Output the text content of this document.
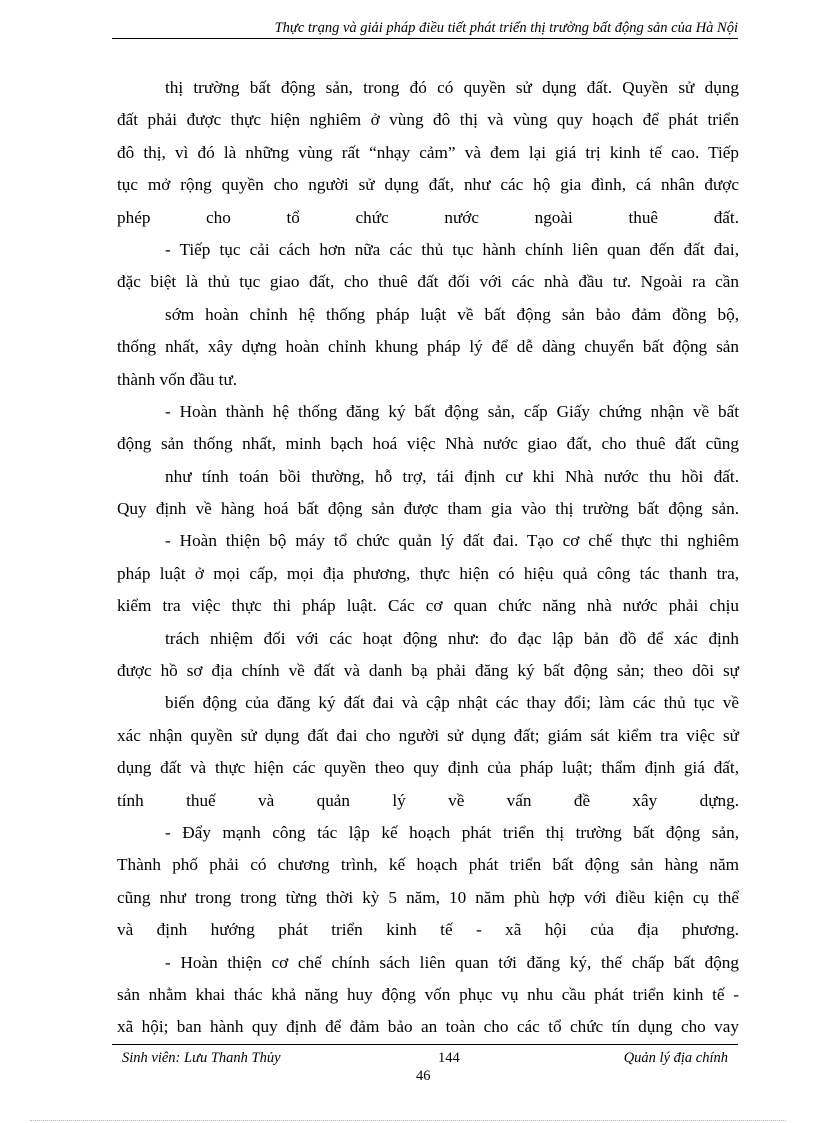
Thực trạng và giải pháp điều tiết phát triển thị trường bất động sản của Hà Nội
thị trường bất động sản, trong đó có quyền sử dụng đất. Quyền sử dụng
đất phải được thực hiện nghiêm ở vùng đô thị và vùng quy hoạch để phát triển
đô thị, vì đó là những vùng rất “nhạy cảm” và đem lại giá trị kinh tế cao. Tiếp
tục mở rộng quyền cho người sử dụng đất, như các hộ gia đình, cá nhân được
phép cho tổ chức nước ngoài thuê đất.
- Tiếp tục cải cách hơn nữa các thủ tục hành chính liên quan đến đất đai,
đặc biệt là thủ tục giao đất, cho thuê đất đối với các nhà đầu tư. Ngoài ra cần
sớm hoàn chỉnh hệ thống pháp luật về bất động sản bảo đảm đồng bộ,
thống nhất, xây dựng hoàn chỉnh khung pháp lý để dễ dàng chuyển bất động sản
thành vốn đầu tư.
- Hoàn thành hệ thống đăng ký bất động sản, cấp Giấy chứng nhận về bất
động sản thống nhất, minh bạch hoá việc Nhà nước giao đất, cho thuê đất cũng
như tính toán bồi thường, hỗ trợ, tái định cư khi Nhà nước thu hồi đất.
Quy định về hàng hoá bất động sản được tham gia vào thị trường bất động sản.
- Hoàn thiện bộ máy tổ chức quản lý đất đai. Tạo cơ chế thực thi nghiêm
pháp luật ở mọi cấp, mọi địa phương, thực hiện có hiệu quả công tác thanh tra,
kiểm tra việc thực thi pháp luật. Các cơ quan chức năng nhà nước phải chịu
trách nhiệm đối với các hoạt động như: đo đạc lập bản đồ để xác định
được hồ sơ địa chính về đất và danh bạ phải đăng ký bất động sản; theo dõi sự
biến động của đăng ký đất đai và cập nhật các thay đổi; làm các thủ tục về
xác nhận quyền sử dụng đất đai cho người sử dụng đất; giám sát kiểm tra việc sử
dụng đất và thực hiện các quyền theo quy định của pháp luật; thẩm định giá đất,
tính thuế và quản lý về vấn đề xây dựng.
- Đẩy mạnh công tác lập kế hoạch phát triển thị trường bất động sản,
Thành phố phải có chương trình, kế hoạch phát triển bất động sản hàng năm
cũng như trong trong từng thời kỳ 5 năm, 10 năm phù hợp với điều kiện cụ thể
và định hướng phát triển kinh tế - xã hội của địa phương.
- Hoàn thiện cơ chế chính sách liên quan tới đăng ký, thế chấp bất động
sản nhằm khai thác khả năng huy động vốn phục vụ nhu cầu phát triển kinh tế -
xã hội; ban hành quy định để đảm bảo an toàn cho các tổ chức tín dụng cho vay
Sinh viên: Lưu Thanh Thủy	144	Quản lý địa chính
46
